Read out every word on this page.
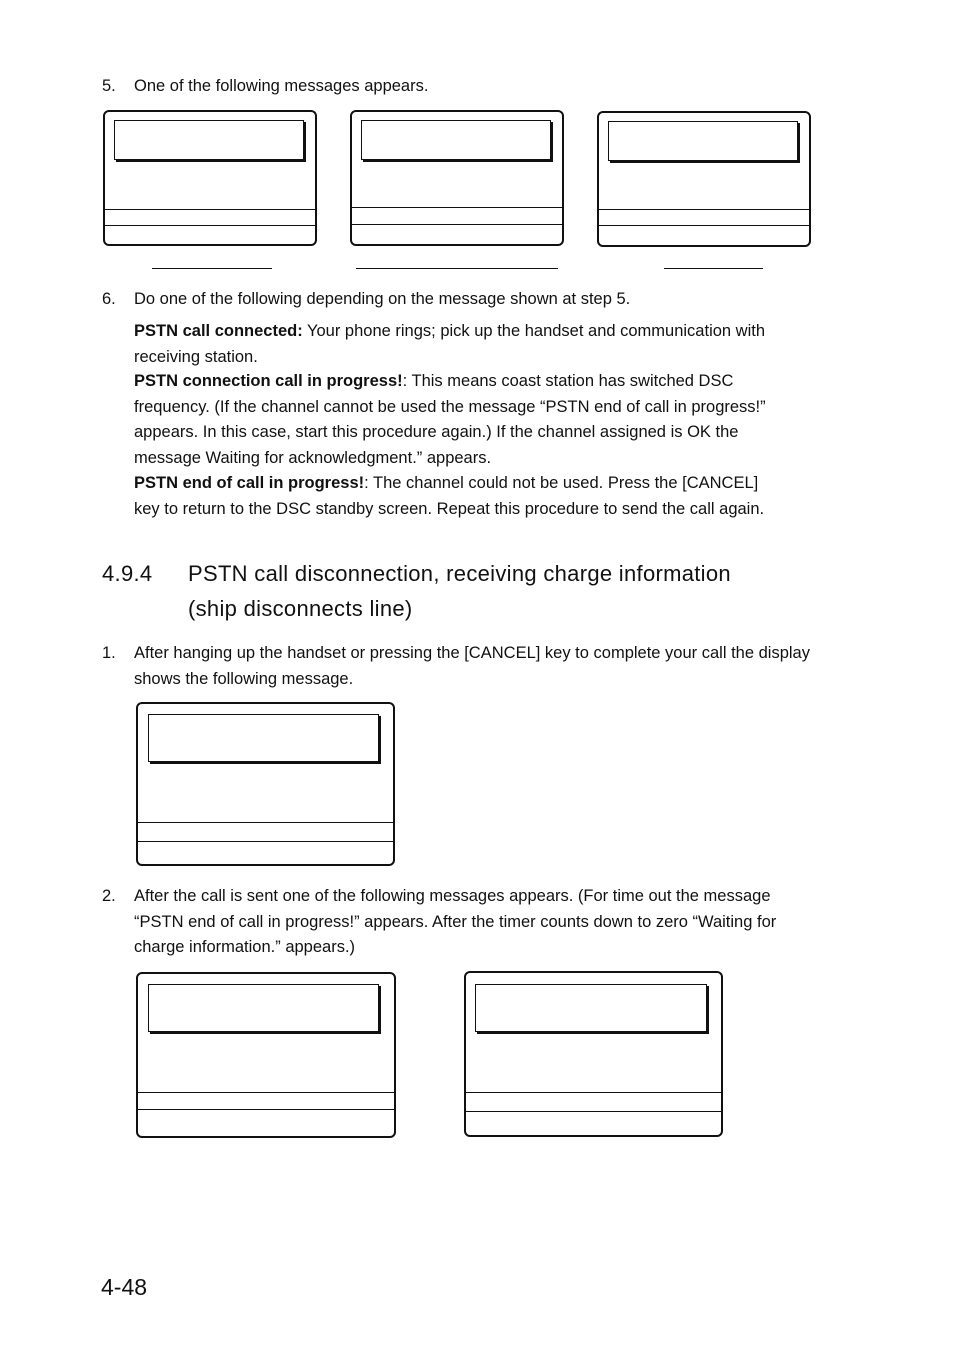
5. One of the following messages appears.
6. Do one of the following depending on the message shown at step 5.
PSTN call connected: Your phone rings; pick up the handset and communication with
receiving station.
PSTN connection call in progress!: This means coast station has switched DSC
frequency. (If the channel cannot be used the message “PSTN end of call in progress!”
appears. In this case, start this procedure again.) If the channel assigned is OK the
message Waiting for acknowledgment.” appears.
PSTN end of call in progress!: The channel could not be used. Press the [CANCEL]
key to return to the DSC standby screen. Repeat this procedure to send the call again.
4.9.4 PSTN call disconnection, receiving charge information
(ship disconnects line)
1. After hanging up the handset or pressing the [CANCEL] key to complete your call the display
shows the following message.
2. After the call is sent one of the following messages appears. (For time out the message
“PSTN end of call in progress!” appears. After the timer counts down to zero “Waiting for
charge information.” appears.)
4-48
